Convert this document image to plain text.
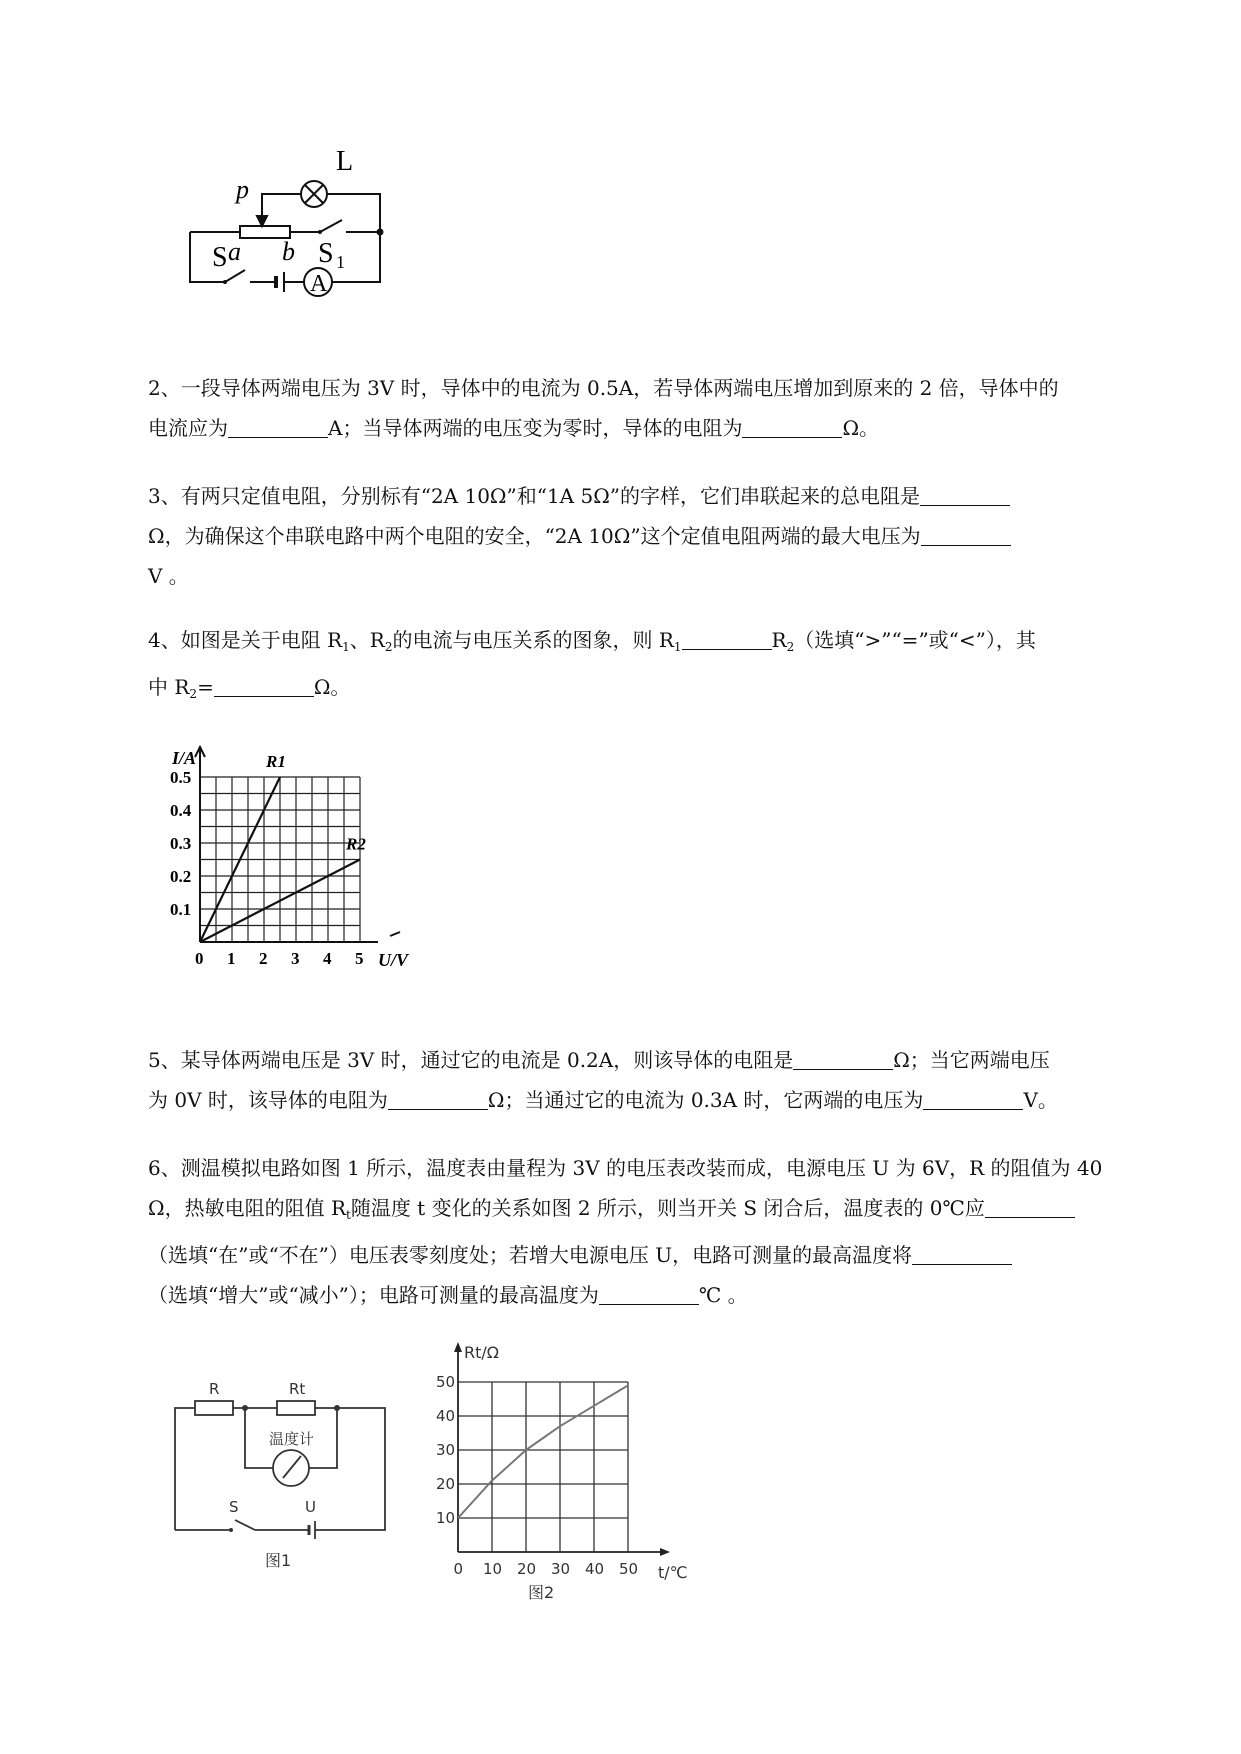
L
p
a b S 1
S
A

2、一段导体两端电压为 3V 时，导体中的电流为 0.5A，若导体两端电压增加到原来的 2 倍，导体中的
电流应为	A；当导体两端的电压变为零时，导体的电阻为	Ω。

3、有两只定值电阻，分别标有“2A 10Ω”和“1A 5Ω”的字样，它们串联起来的总电阻是
Ω，为确保这个串联电路中两个电阻的安全，“2A 10Ω”这个定值电阻两端的最大电压为
V 。

4、如图是关于电阻 $R_1$、$R_2$的电流与电压关系的图象，则 $R_1$	$R_2$（选填“>”“=”或“<”），其
中 $R_2=$	Ω。

R1
R2
0 1 2 3 4 5
0.1
0.2
0.3
0.4
0.5
I/A
U/V

5、某导体两端电压是 3V 时，通过它的电流是 0.2A，则该导体的电阻是	Ω；当它两端电压
为 0V 时，该导体的电阻为	Ω；当通过它的电流为 0.3A 时，它两端的电压为	V。

6、测温模拟电路如图 1 所示，温度表由量程为 3V 的电压表改装而成，电源电压 U 为 6V，R 的阻值为 40
Ω，热敏电阻的阻值 $R_t$随温度 t 变化的关系如图 2 所示，则当开关 S 闭合后，温度表的 0℃应
（选填“在”或“不在”）电压表零刻度处；若增大电源电压 U，电路可测量的最高温度将
（选填“增大”或“减小”）；电路可测量的最高温度为	℃ 。

R	Rt
温度计
S	U
图1	0 10 20 30 40 50
10
20
30
40
50
Rt/Ω
t/℃
图2
